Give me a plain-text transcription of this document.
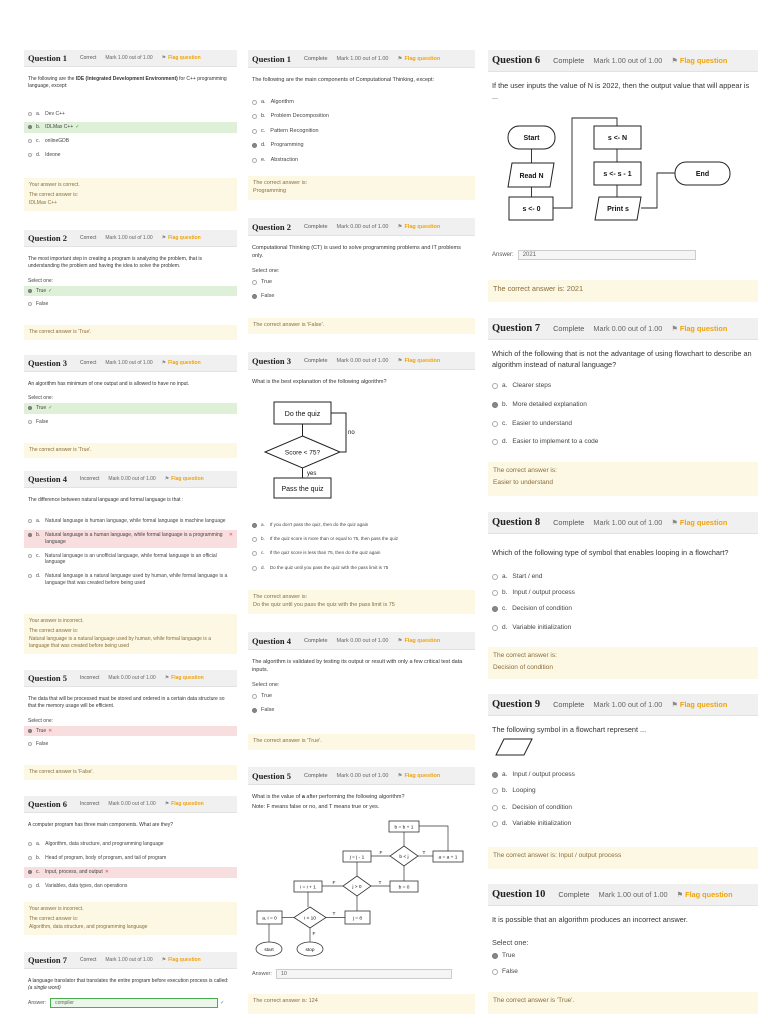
Question 1	Correct Mark 1.00 out of 1.00 ⚑ Flag question
The following are the IDE (Integrated Development Environment) for C++ programming language, except:
a. Dev C++
b. IDLMax C++ ✓
c. onlineGDB
d. Ideone
Your answer is correct.
The correct answer is:
IDLMax C++
Question 2	Correct Mark 1.00 out of 1.00 ⚑ Flag question
The most important step in creating a program is analyzing the problem, that is understanding the problem and having the idea to solve the problem.
Select one:
True ✓
False
The correct answer is 'True'.
Question 3	Correct Mark 1.00 out of 1.00 ⚑ Flag question
An algorithm has minimum of one output and is allowed to have no input.
Select one:
True ✓
False
The correct answer is 'True'.
Question 4	Incorrect Mark 0.00 out of 1.00 ⚑ Flag question
The difference between natural language and formal language is that :
a. Natural language is human language, while formal language is machine language
b. Natural language is a human language, while formal language is a programming language
✕
c. Natural language is an unofficial language, while formal language is an official language
d. Natural language is a natural language used by human, while formal language is a language that was created before being used
Your answer is incorrect.
The correct answer is:
Natural language is a natural language used by human, while formal language is a language that was created before being used
Question 5	Incorrect Mark 0.00 out of 1.00 ⚑ Flag question
The data that will be processed must be stored and ordered in a certain data structure so that the memory usage will be efficient.
Select one:
True ✕
False
The correct answer is 'False'.
Question 6	Incorrect Mark 0.00 out of 1.00 ⚑ Flag question
A computer program has three main components. What are they?
a. Algorithm, data structure, and programming language
b. Head of program, body of program, and tail of program
c. Input, process, and output ✕
d. Variables, data types, dan operations
Your answer is incorrect.
The correct answer is:
Algorithm, data structure, and programming language
Question 7	Correct Mark 1.00 out of 1.00 ⚑ Flag question
A language translator that translates the entire program before execution process is called: (a single word)
Answer:	compiler	✓
Question 1 Complete Mark 1.00 out of 1.00 ⚑ Flag question
The following are the main components of Computational Thinking, except:
a. Algorithm
b. Problem Decomposition
c. Pattern Recognition
d. Programming
e. Abstraction
The correct answer is:
Programming
Question 2 Complete Mark 0.00 out of 1.00 ⚑ Flag question
Computational Thinking (CT) is used to solve programming problems and IT problems only.
Select one:
True
False
The correct answer is 'False'.
Question 3 Complete Mark 0.00 out of 1.00 ⚑ Flag question
What is the best explanation of the following algorithm?
Do the quiz
Score < 75?
no
yes
Pass the quiz
a. If you don't pass the quiz, then do the quiz again
b. If the quiz score is more than or equal to 75, then pass the quiz
c. If the quiz score is less than 75, then do the quiz again
d. Do the quiz until you pass the quiz with the pass limit is 75
The correct answer is:
Do the quiz until you pass the quiz with the pass limit is 75
Question 4 Complete Mark 0.00 out of 1.00 ⚑ Flag question
The algorithm is validated by testing its output or result with only a few critical test data inputs.
Select one:
True
False
The correct answer is 'True'.
Question 5 Complete Mark 0.00 out of 1.00 ⚑ Flag question
What is the value of a after performing the following algorithm?
Note: F means false or no, and T means true or yes.
b = b + 1
j = j - 1	b < j	a = a + 1
i = i + 1	j > 0	b = 0
a, i = 0	i < 10	j = 8
start	stop
T
F
T
F
T
F
Answer:	10
The correct answer is: 124
Question 6 Complete Mark 1.00 out of 1.00 ⚑ Flag question
If the user inputs the value of N is 2022, then the output value that will appear is ...
Start
Read N
s <- 0
s <- N
s <- s - 1
Print s
End
Answer:	2021
The correct answer is: 2021
Question 7 Complete Mark 0.00 out of 1.00 ⚑ Flag question
Which of the following that is not the advantage of using flowchart to describe an algorithm instead of natural language?
a. Clearer steps
b. More detailed explanation
c. Easier to understand
d. Easier to implement to a code
The correct answer is:
Easier to understand
Question 8 Complete Mark 1.00 out of 1.00 ⚑ Flag question
Which of the following type of symbol that enables looping in a flowchart?
a. Start / end
b. Input / output process
c. Decision of condition
d. Variable initialization
The correct answer is:
Decision of condition
Question 9 Complete Mark 1.00 out of 1.00 ⚑ Flag question
The following symbol in a flowchart represent ...
a. Input / output process
b. Looping
c. Decision of condition
d. Variable initialization
The correct answer is: Input / output process
Question 10 Complete Mark 1.00 out of 1.00 ⚑ Flag question
It is possible that an algorithm produces an incorrect answer.
Select one:
True
False
The correct answer is 'True'.
